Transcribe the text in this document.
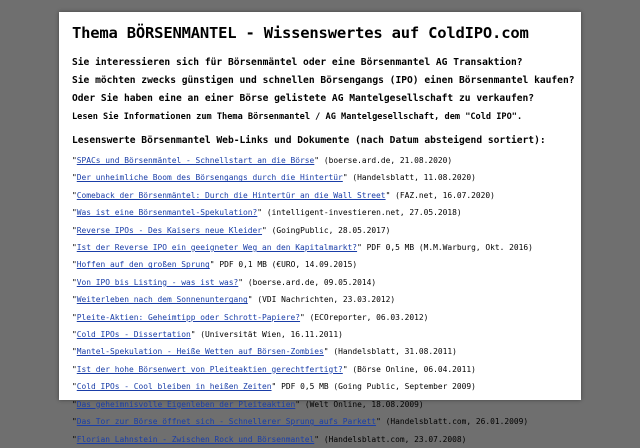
Thema BÖRSENMANTEL - Wissenswertes auf ColdIPO.com

Sie interessieren sich für Börsenmäntel oder eine Börsenmantel AG Transaktion?

Sie möchten zwecks günstigen und schnellen Börsengangs (IPO) einen Börsenmantel kaufen?

Oder Sie haben eine an einer Börse gelistete AG Mantelgesellschaft zu verkaufen?

Lesen Sie Informationen zum Thema Börsenmantel / AG Mantelgesellschaft, dem "Cold IPO".

Lesenswerte Börsenmantel Web-Links und Dokumente (nach Datum absteigend sortiert):
"SPACs und Börsenmäntel - Schnellstart an die Börse" (boerse.ard.de, 21.08.2020)
"Der unheimliche Boom des Börsengangs durch die Hintertür" (Handelsblatt, 11.08.2020)
"Comeback der Börsenmäntel: Durch die Hintertür an die Wall Street" (FAZ.net, 16.07.2020)
"Was ist eine Börsenmantel-Spekulation?" (intelligent-investieren.net, 27.05.2018)
"Reverse IPOs - Des Kaisers neue Kleider" (GoingPublic, 28.05.2017)
"Ist der Reverse IPO ein geeigneter Weg an den Kapitalmarkt?" PDF 0,5 MB (M.M.Warburg, Okt. 2016)
"Hoffen auf den großen Sprung" PDF 0,1 MB (€URO, 14.09.2015)
"Von IPO bis Listing - was ist was?" (boerse.ard.de, 09.05.2014)
"Weiterleben nach dem Sonnenuntergang" (VDI Nachrichten, 23.03.2012)
"Pleite-Aktien: Geheimtipp oder Schrott-Papiere?" (ECOreporter, 06.03.2012)
"Cold IPOs - Dissertation" (Universität Wien, 16.11.2011)
"Mantel-Spekulation - Heiße Wetten auf Börsen-Zombies" (Handelsblatt, 31.08.2011)
"Ist der hohe Börsenwert von Pleiteaktien gerechtfertigt?" (Börse Online, 06.04.2011)
"Cold IPOs - Cool bleiben in heißen Zeiten" PDF 0,5 MB (Going Public, September 2009)
"Das geheimnisvolle Eigenleben der Pleiteaktien" (Welt Online, 18.08.2009)
"Das Tor zur Börse öffnet sich - Schnellerer Sprung aufs Parkett" (Handelsblatt.com, 26.01.2009)
"Florian Lahnstein - Zwischen Rock und Börsenmantel" (Handelsblatt.com, 23.07.2008)
